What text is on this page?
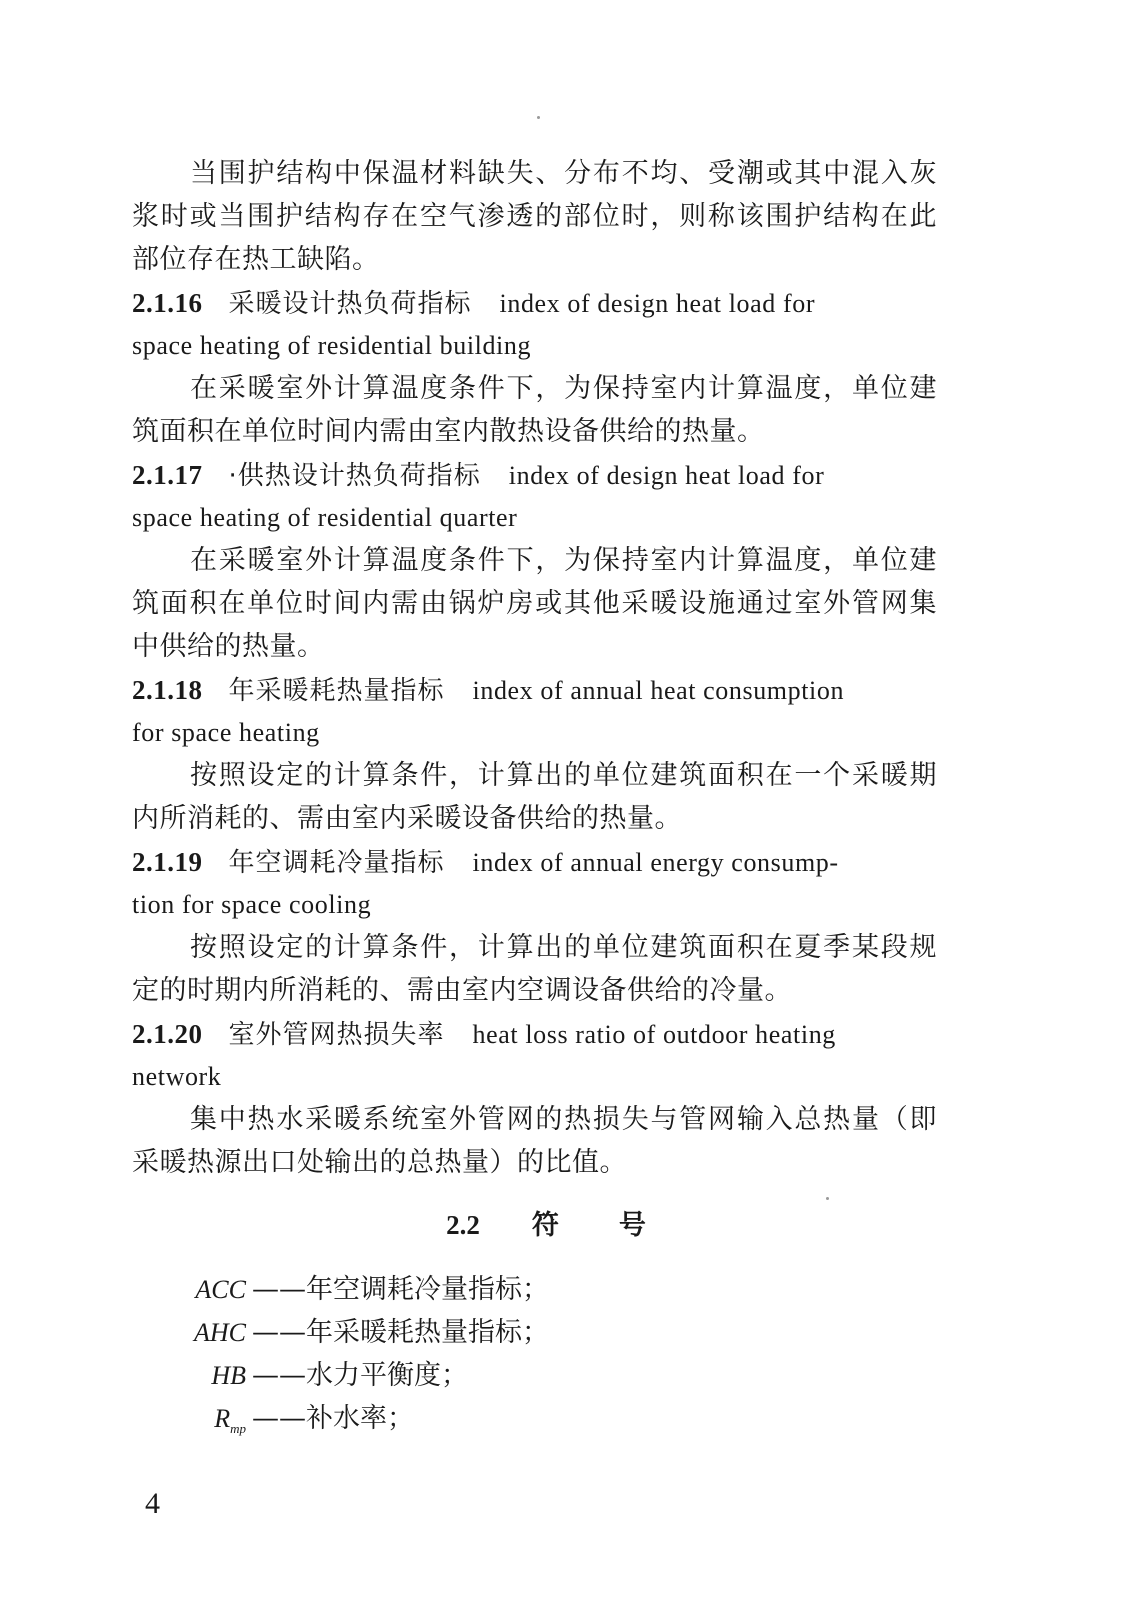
当围护结构中保温材料缺失、分布不均、受潮或其中混入灰
浆时或当围护结构存在空气渗透的部位时，则称该围护结构在此
部位存在热工缺陷。
2.1.16 采暖设计热负荷指标 index of design heat load for
space heating of residential building
在采暖室外计算温度条件下，为保持室内计算温度，单位建
筑面积在单位时间内需由室内散热设备供给的热量。
2.1.17 ·供热设计热负荷指标 index of design heat load for
space heating of residential quarter
在采暖室外计算温度条件下，为保持室内计算温度，单位建
筑面积在单位时间内需由锅炉房或其他采暖设施通过室外管网集
中供给的热量。
2.1.18 年采暖耗热量指标 index of annual heat consumption
for space heating
按照设定的计算条件，计算出的单位建筑面积在一个采暖期
内所消耗的、需由室内采暖设备供给的热量。
2.1.19 年空调耗冷量指标 index of annual energy consump-
tion for space cooling
按照设定的计算条件，计算出的单位建筑面积在夏季某段规
定的时期内所消耗的、需由室内空调设备供给的冷量。
2.1.20 室外管网热损失率 heat loss ratio of outdoor heating
network
集中热水采暖系统室外管网的热损失与管网输入总热量（即
采暖热源出口处输出的总热量）的比值。
2.2 符 号
ACC ——年空调耗冷量指标；
AHC ——年采暖耗热量指标；
HB ——水力平衡度；
$R_{mp}$ ——补水率；
4
